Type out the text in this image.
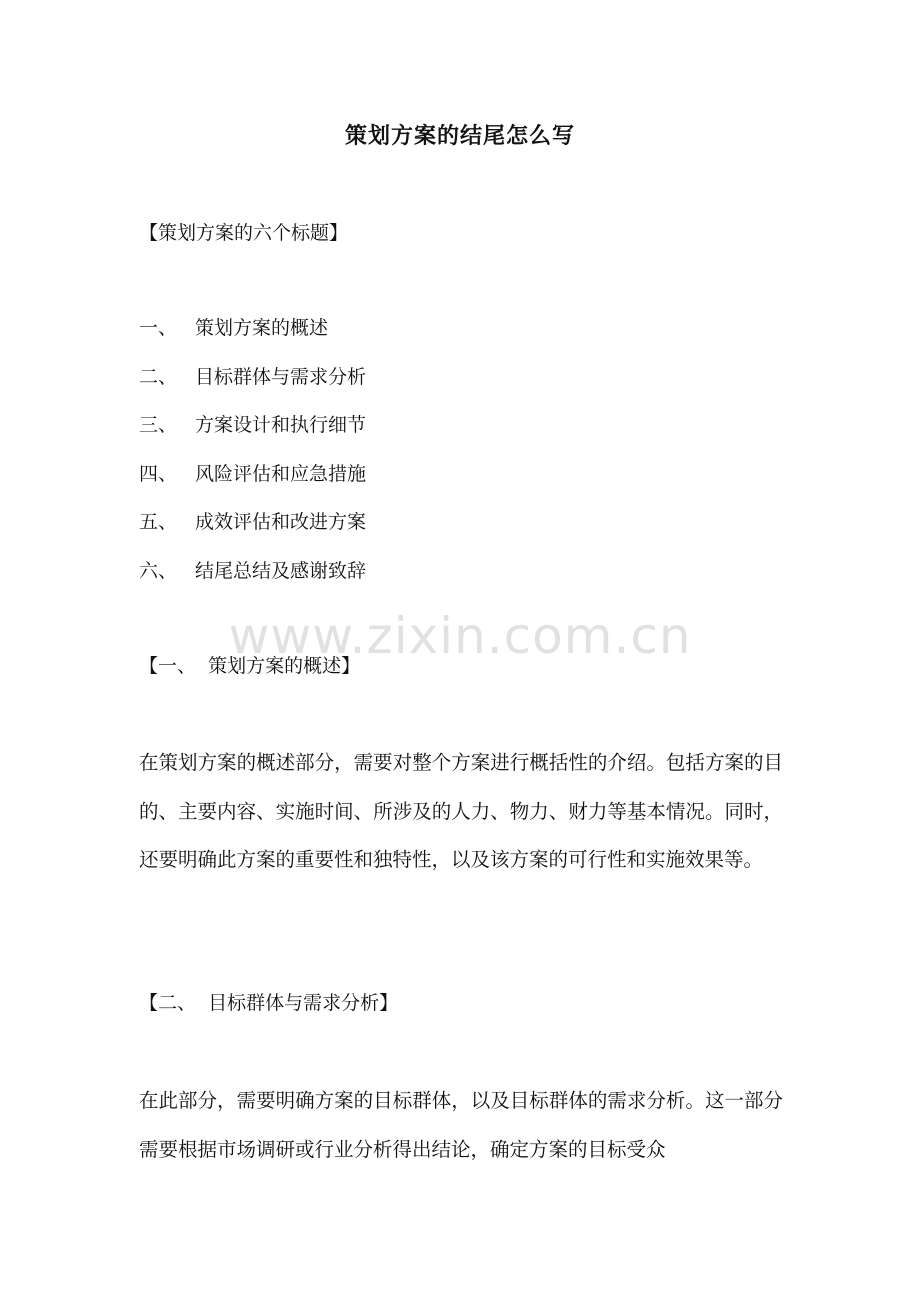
www.zixin.com.cn
策划方案的结尾怎么写
【策划方案的六个标题】
一、 策划方案的概述
二、 目标群体与需求分析
三、 方案设计和执行细节
四、 风险评估和应急措施
五、 成效评估和改进方案
六、 结尾总结及感谢致辞
【一、  策划方案的概述】
在策划方案的概述部分，需要对整个方案进行概括性的介绍。包括方案的目的、主要内容、实施时间、所涉及的人力、物力、财力等基本情况。同时，还要明确此方案的重要性和独特性，以及该方案的可行性和实施效果等。
【二、  目标群体与需求分析】
在此部分，需要明确方案的目标群体，以及目标群体的需求分析。这一部分需要根据市场调研或行业分析得出结论，确定方案的目标受众
